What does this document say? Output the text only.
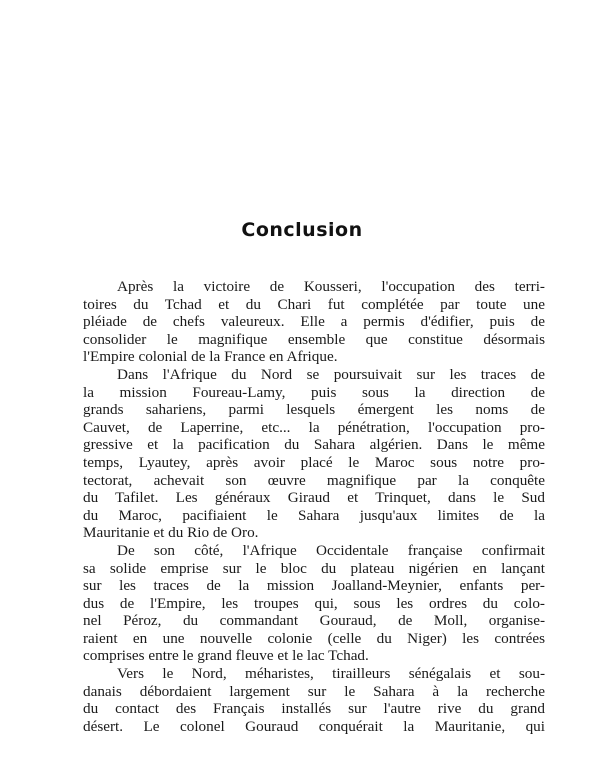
Conclusion
Après la victoire de Kousseri, l'occupation des terri-
toires du Tchad et du Chari fut complétée par toute une
pléiade de chefs valeureux. Elle a permis d'édifier, puis de
consolider le magnifique ensemble que constitue désormais
l'Empire colonial de la France en Afrique.
Dans l'Afrique du Nord se poursuivait sur les traces de
la mission Foureau-Lamy, puis sous la direction de
grands sahariens, parmi lesquels émergent les noms de
Cauvet, de Laperrine, etc... la pénétration, l'occupation pro-
gressive et la pacification du Sahara algérien. Dans le même
temps, Lyautey, après avoir placé le Maroc sous notre pro-
tectorat, achevait son œuvre magnifique par la conquête
du Tafilet. Les généraux Giraud et Trinquet, dans le Sud
du Maroc, pacifiaient le Sahara jusqu'aux limites de la
Mauritanie et du Rio de Oro.
De son côté, l'Afrique Occidentale française confirmait
sa solide emprise sur le bloc du plateau nigérien en lançant
sur les traces de la mission Joalland-Meynier, enfants per-
dus de l'Empire, les troupes qui, sous les ordres du colo-
nel Péroz, du commandant Gouraud, de Moll, organise-
raient en une nouvelle colonie (celle du Niger) les contrées
comprises entre le grand fleuve et le lac Tchad.
Vers le Nord, méharistes, tirailleurs sénégalais et sou-
danais débordaient largement sur le Sahara à la recherche
du contact des Français installés sur l'autre rive du grand
désert. Le colonel Gouraud conquérait la Mauritanie, qui
